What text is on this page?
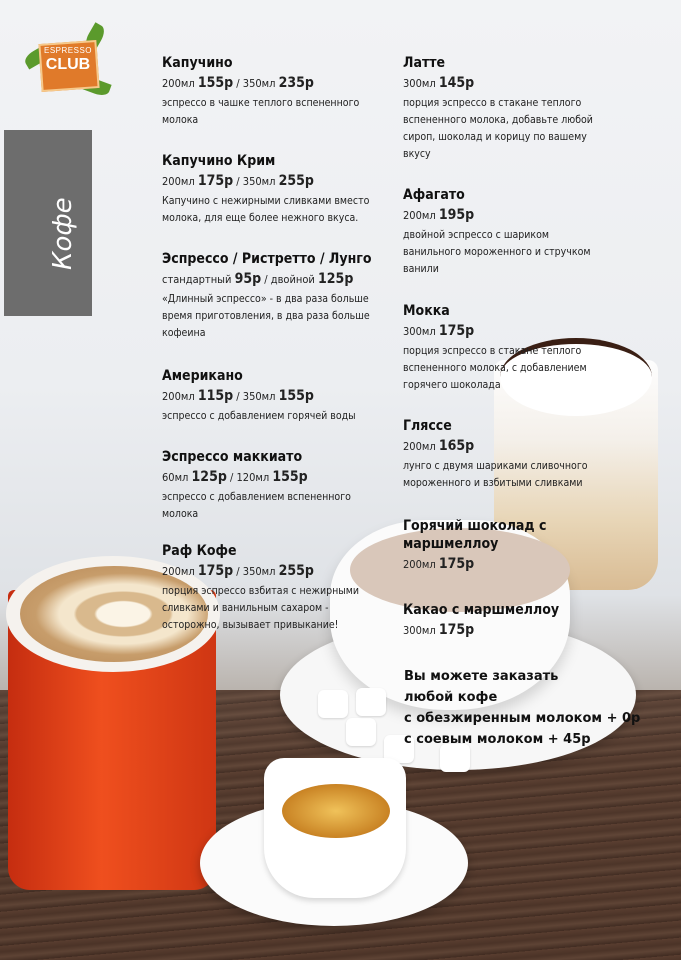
ESPRESSO
CLUB
Кофе
Капучино
200мл 155р / 350мл 235р
эспрессо в чашке теплого вспененного
молока
Капучино Крим
200мл 175р / 350мл 255р
Капучино с нежирными сливками вместо
молока, для еще более нежного вкуса.
Эспрессо / Ристретто / Лунго
стандартный 95р / двойной 125р
«Длинный эспрессо» - в два раза больше
время приготовления, в два раза больше
кофеина
Американо
200мл 115р / 350мл 155р
эспрессо с добавлением горячей воды
Эспрессо маккиато
60мл 125р / 120мл 155р
эспрессо с добавлением вспененного
молока
Раф Кофе
200мл 175р / 350мл 255р
порция эспрессо взбитая с нежирными
сливками и ванильным сахаром -
осторожно, вызывает привыкание!
Латте
300мл 145р
порция эспрессо в стакане теплого
вспененного молока, добавьте любой
сироп, шоколад и корицу по вашему
вкусу
Афагато
200мл 195р
двойной эспрессо с шариком
ванильного мороженного и стручком
ванили
Мокка
300мл 175р
порция эспрессо в стакане теплого
вспененного молока, с добавлением
горячего шоколада
Гляссе
200мл 165р
лунго с двумя шариками сливочного
мороженного и взбитыми сливками
Горячий шоколад с маршмеллоу
200мл 175р
Какао с маршмеллоу
300мл 175р
Вы можете заказать
любой кофе
с обезжиренным молоком + 0р
с соевым молоком + 45р
